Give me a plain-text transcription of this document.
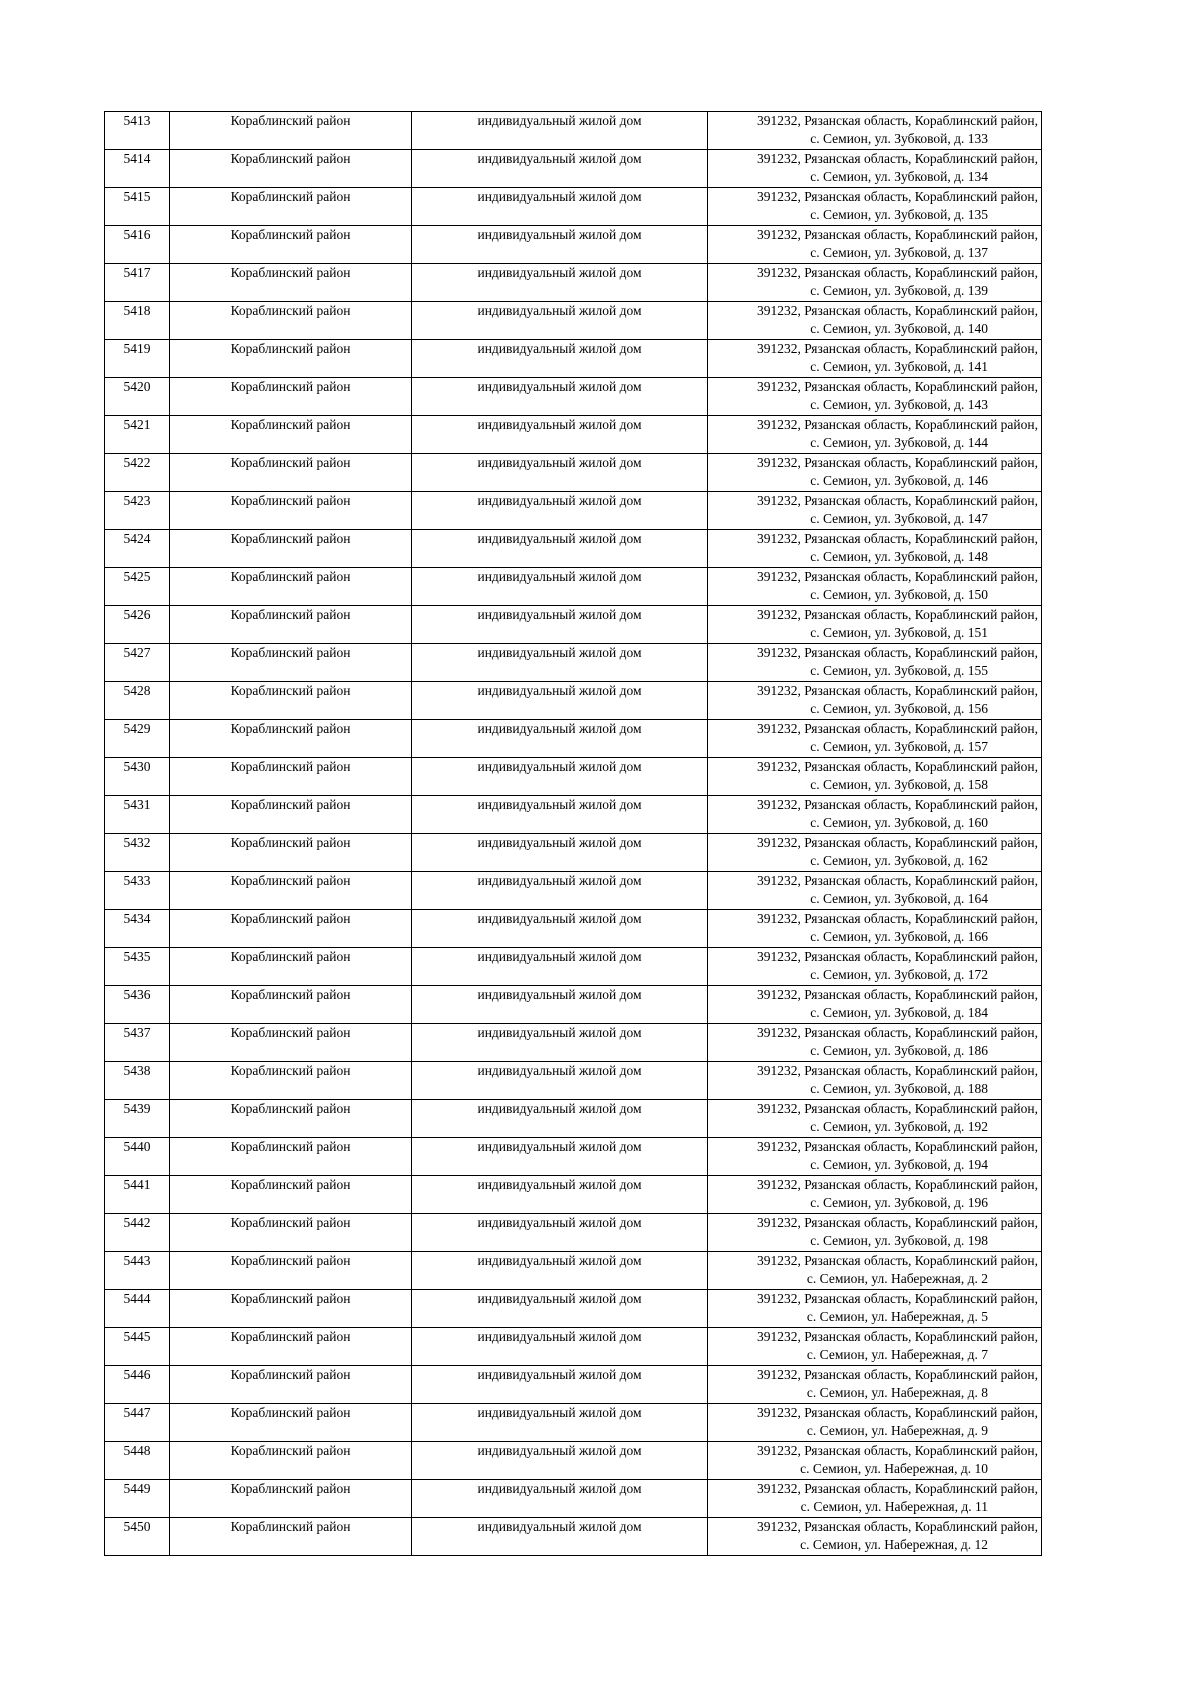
5413	Кораблинский район	индивидуальный жилой дом	391232, Рязанская область, Кораблинский район,
с. Семион, ул. Зубковой, д. 133

5414	Кораблинский район	индивидуальный жилой дом	391232, Рязанская область, Кораблинский район,
с. Семион, ул. Зубковой, д. 134

5415	Кораблинский район	индивидуальный жилой дом	391232, Рязанская область, Кораблинский район,
с. Семион, ул. Зубковой, д. 135

5416	Кораблинский район	индивидуальный жилой дом	391232, Рязанская область, Кораблинский район,
с. Семион, ул. Зубковой, д. 137

5417	Кораблинский район	индивидуальный жилой дом	391232, Рязанская область, Кораблинский район,
с. Семион, ул. Зубковой, д. 139

5418	Кораблинский район	индивидуальный жилой дом	391232, Рязанская область, Кораблинский район,
с. Семион, ул. Зубковой, д. 140

5419	Кораблинский район	индивидуальный жилой дом	391232, Рязанская область, Кораблинский район,
с. Семион, ул. Зубковой, д. 141

5420	Кораблинский район	индивидуальный жилой дом	391232, Рязанская область, Кораблинский район,
с. Семион, ул. Зубковой, д. 143

5421	Кораблинский район	индивидуальный жилой дом	391232, Рязанская область, Кораблинский район,
с. Семион, ул. Зубковой, д. 144

5422	Кораблинский район	индивидуальный жилой дом	391232, Рязанская область, Кораблинский район,
с. Семион, ул. Зубковой, д. 146

5423	Кораблинский район	индивидуальный жилой дом	391232, Рязанская область, Кораблинский район,
с. Семион, ул. Зубковой, д. 147

5424	Кораблинский район	индивидуальный жилой дом	391232, Рязанская область, Кораблинский район,
с. Семион, ул. Зубковой, д. 148

5425	Кораблинский район	индивидуальный жилой дом	391232, Рязанская область, Кораблинский район,
с. Семион, ул. Зубковой, д. 150

5426	Кораблинский район	индивидуальный жилой дом	391232, Рязанская область, Кораблинский район,
с. Семион, ул. Зубковой, д. 151

5427	Кораблинский район	индивидуальный жилой дом	391232, Рязанская область, Кораблинский район,
с. Семион, ул. Зубковой, д. 155

5428	Кораблинский район	индивидуальный жилой дом	391232, Рязанская область, Кораблинский район,
с. Семион, ул. Зубковой, д. 156

5429	Кораблинский район	индивидуальный жилой дом	391232, Рязанская область, Кораблинский район,
с. Семион, ул. Зубковой, д. 157

5430	Кораблинский район	индивидуальный жилой дом	391232, Рязанская область, Кораблинский район,
с. Семион, ул. Зубковой, д. 158

5431	Кораблинский район	индивидуальный жилой дом	391232, Рязанская область, Кораблинский район,
с. Семион, ул. Зубковой, д. 160

5432	Кораблинский район	индивидуальный жилой дом	391232, Рязанская область, Кораблинский район,
с. Семион, ул. Зубковой, д. 162

5433	Кораблинский район	индивидуальный жилой дом	391232, Рязанская область, Кораблинский район,
с. Семион, ул. Зубковой, д. 164

5434	Кораблинский район	индивидуальный жилой дом	391232, Рязанская область, Кораблинский район,
с. Семион, ул. Зубковой, д. 166

5435	Кораблинский район	индивидуальный жилой дом	391232, Рязанская область, Кораблинский район,
с. Семион, ул. Зубковой, д. 172

5436	Кораблинский район	индивидуальный жилой дом	391232, Рязанская область, Кораблинский район,
с. Семион, ул. Зубковой, д. 184

5437	Кораблинский район	индивидуальный жилой дом	391232, Рязанская область, Кораблинский район,
с. Семион, ул. Зубковой, д. 186

5438	Кораблинский район	индивидуальный жилой дом	391232, Рязанская область, Кораблинский район,
с. Семион, ул. Зубковой, д. 188

5439	Кораблинский район	индивидуальный жилой дом	391232, Рязанская область, Кораблинский район,
с. Семион, ул. Зубковой, д. 192

5440	Кораблинский район	индивидуальный жилой дом	391232, Рязанская область, Кораблинский район,
с. Семион, ул. Зубковой, д. 194

5441	Кораблинский район	индивидуальный жилой дом	391232, Рязанская область, Кораблинский район,
с. Семион, ул. Зубковой, д. 196

5442	Кораблинский район	индивидуальный жилой дом	391232, Рязанская область, Кораблинский район,
с. Семион, ул. Зубковой, д. 198

5443	Кораблинский район	индивидуальный жилой дом	391232, Рязанская область, Кораблинский район,
с. Семион, ул. Набережная, д. 2

5444	Кораблинский район	индивидуальный жилой дом	391232, Рязанская область, Кораблинский район,
с. Семион, ул. Набережная, д. 5

5445	Кораблинский район	индивидуальный жилой дом	391232, Рязанская область, Кораблинский район,
с. Семион, ул. Набережная, д. 7

5446	Кораблинский район	индивидуальный жилой дом	391232, Рязанская область, Кораблинский район,
с. Семион, ул. Набережная, д. 8

5447	Кораблинский район	индивидуальный жилой дом	391232, Рязанская область, Кораблинский район,
с. Семион, ул. Набережная, д. 9

5448	Кораблинский район	индивидуальный жилой дом	391232, Рязанская область, Кораблинский район,
с. Семион, ул. Набережная, д. 10

5449	Кораблинский район	индивидуальный жилой дом	391232, Рязанская область, Кораблинский район,
с. Семион, ул. Набережная, д. 11

5450	Кораблинский район	индивидуальный жилой дом	391232, Рязанская область, Кораблинский район,
с. Семион, ул. Набережная, д. 12
